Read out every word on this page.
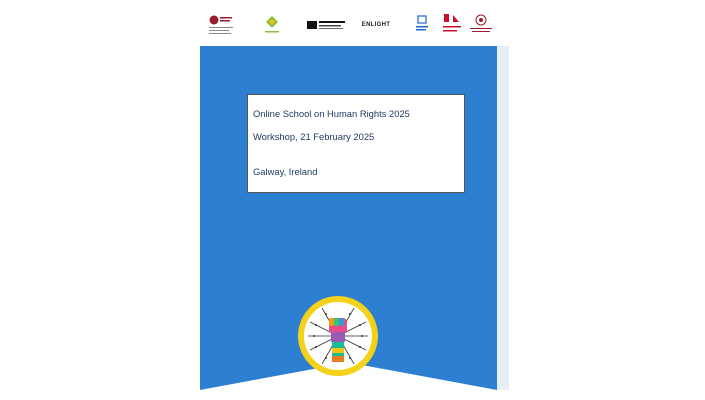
ENLIGHT
Online School on Human Rights 2025
Workshop, 21 February 2025
Galway, Ireland
